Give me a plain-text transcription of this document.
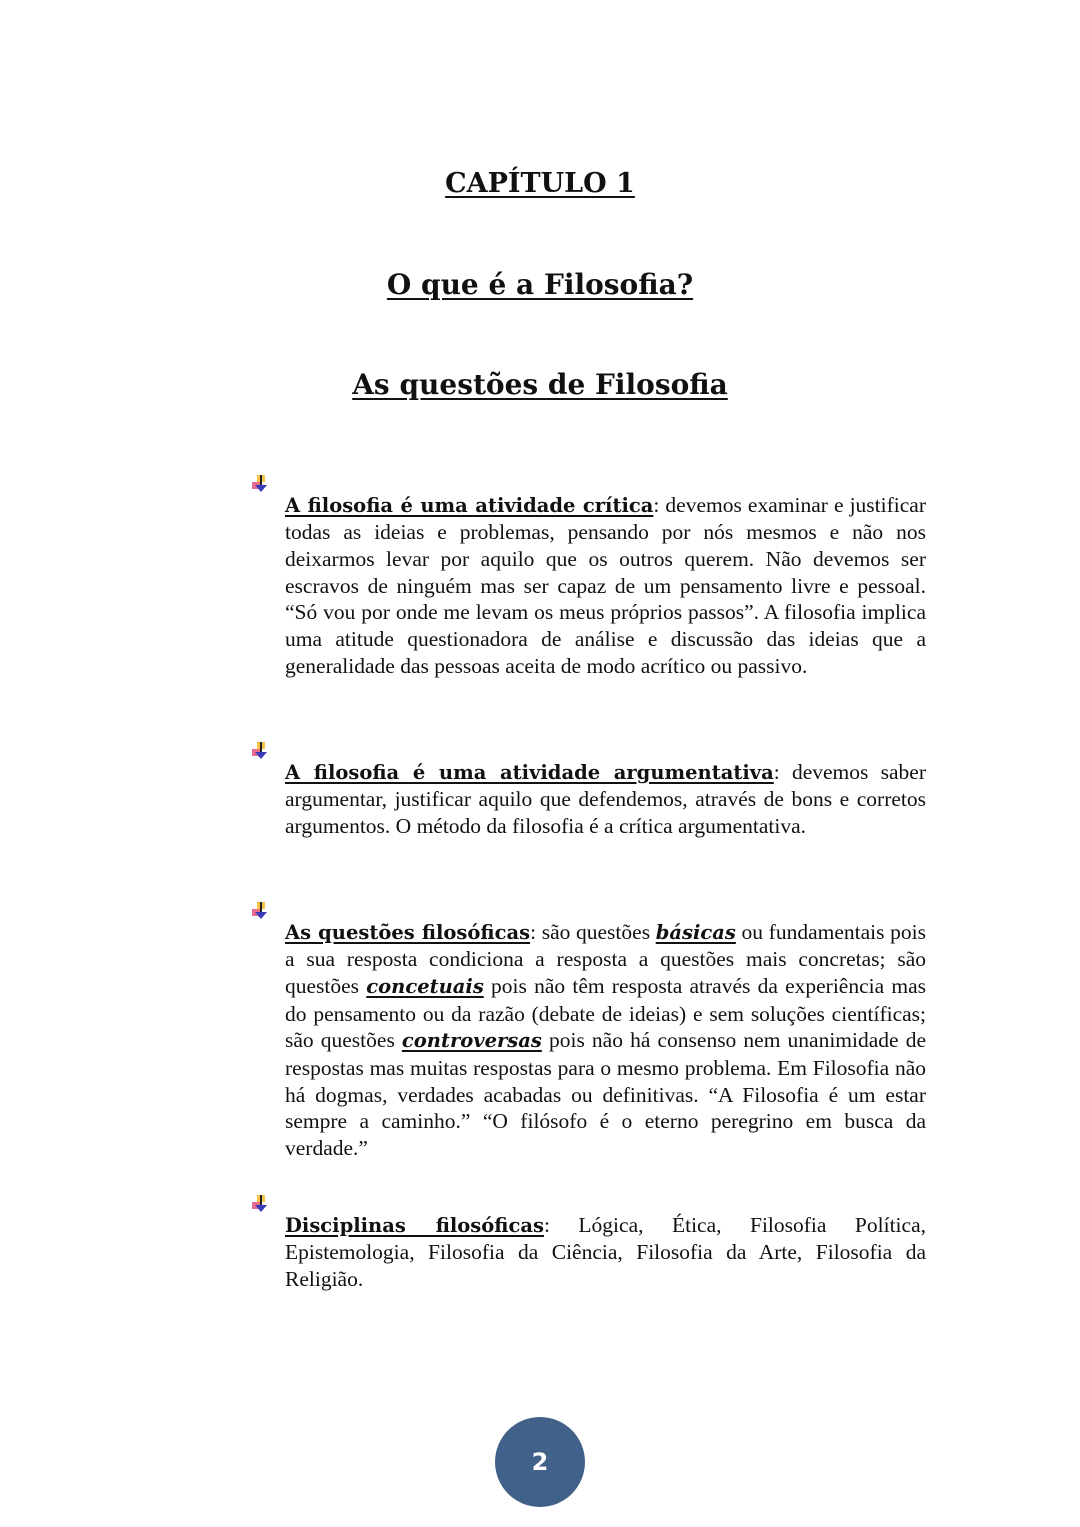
CAPÍTULO 1
O que é a Filosofia?
As questões de Filosofia

A filosofia é uma atividade crítica: devemos examinar e justificar todas as ideias e problemas, pensando por nós mesmos e não nos deixarmos levar por aquilo que os outros querem. Não devemos ser escravos de ninguém mas ser capaz de um pensamento livre e pessoal. “Só vou por onde me levam os meus próprios passos”. A filosofia implica uma atitude questionadora de análise e discussão das ideias que a generalidade das pessoas aceita de modo acrítico ou passivo.

A filosofia é uma atividade argumentativa: devemos saber argumentar, justificar aquilo que defendemos, através de bons e corretos argumentos. O método da filosofia é a crítica argumentativa.

As questões filosóficas: são questões básicas ou fundamentais pois a sua resposta condiciona a resposta a questões mais concretas; são questões concetuais pois não têm resposta através da experiência mas do pensamento ou da razão (debate de ideias) e sem soluções científicas; são questões controversas pois não há consenso nem unanimidade de respostas mas muitas respostas para o mesmo problema. Em Filosofia não há dogmas, verdades acabadas ou definitivas. “A Filosofia é um estar sempre a caminho.” “O filósofo é o eterno peregrino em busca da verdade.”

Disciplinas filosóficas: Lógica, Ética, Filosofia Política, Epistemologia, Filosofia da Ciência, Filosofia da Arte, Filosofia da Religião.

2
